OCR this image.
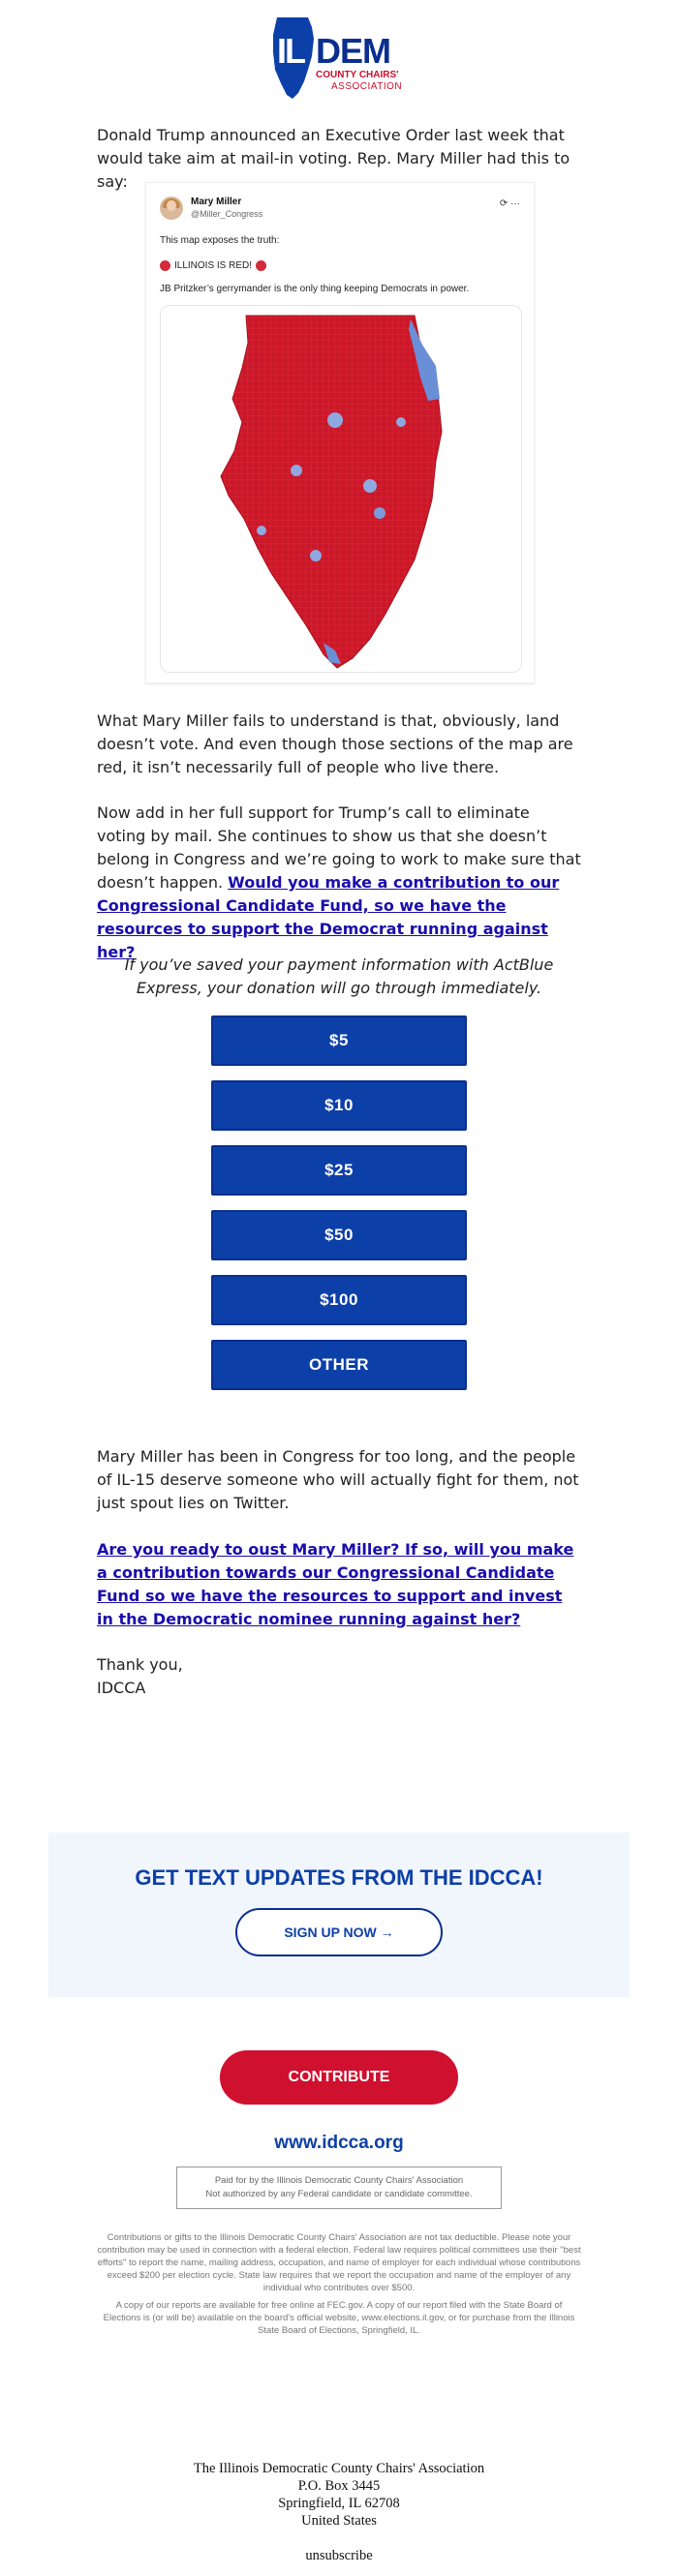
IL DEM
COUNTY CHAIRS'
ASSOCIATION

Donald Trump announced an Executive Order last week that would take aim at mail-in voting. Rep. Mary Miller had this to say:

Mary Miller
@Miller_Congress
⟳ ···
This map exposes the truth:
ILLINOIS IS RED!
JB Pritzker’s gerrymander is the only thing keeping Democrats in power.

What Mary Miller fails to understand is that, obviously, land doesn’t vote. And even though those sections of the map are red, it isn’t necessarily full of people who live there.

Now add in her full support for Trump’s call to eliminate voting by mail. She continues to show us that she doesn’t belong in Congress and we’re going to work to make sure that doesn’t happen. Would you make a contribution to our Congressional Candidate Fund, so we have the resources to support the Democrat running against her?

If you’ve saved your payment information with ActBlue Express, your donation will go through immediately.
$5
$10
$25
$50
$100
OTHER

Mary Miller has been in Congress for too long, and the people of IL-15 deserve someone who will actually fight for them, not just spout lies on Twitter.

Are you ready to oust Mary Miller? If so, will you make a contribution towards our Congressional Candidate Fund so we have the resources to support and invest in the Democratic nominee running against her?

Thank you,

IDCCA

GET TEXT UPDATES FROM THE IDCCA!
SIGN UP NOW →
CONTRIBUTE
www.idcca.org
Paid for by the Illinois Democratic County Chairs' Association
Not authorized by any Federal candidate or candidate committee.
Contributions or gifts to the Illinois Democratic County Chairs' Association are not tax deductible. Please note your contribution may be used in connection with a federal election. Federal law requires political committees use their "best efforts" to report the name, mailing address, occupation, and name of employer for each individual whose contributions exceed $200 per election cycle. State law requires that we report the occupation and name of the employer of any individual who contributes over $500.
A copy of our reports are available for free online at FEC.gov. A copy of our report filed with the State Board of Elections is (or will be) available on the board's official website, www.elections.il.gov, or for purchase from the Illinois State Board of Elections, Springfield, IL.
The Illinois Democratic County Chairs' Association
P.O. Box 3445
Springfield, IL 62708
United States
unsubscribe
